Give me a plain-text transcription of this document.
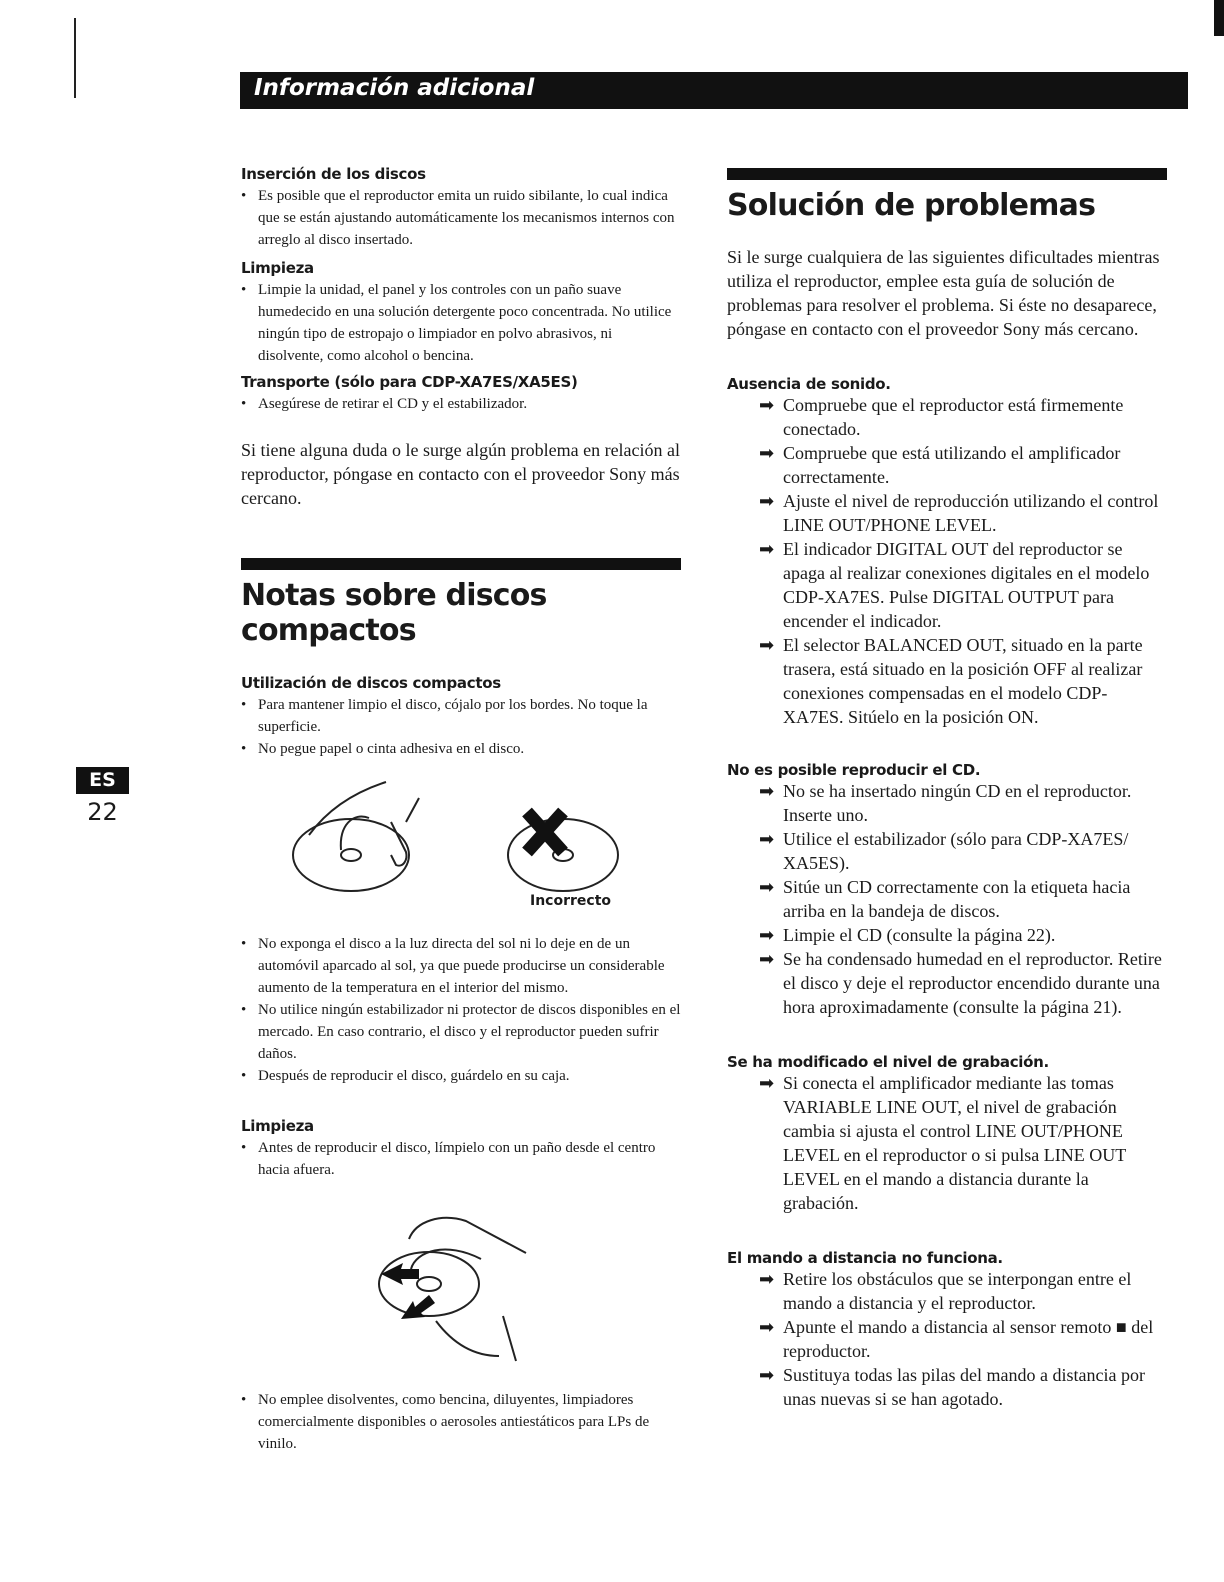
Información adicional
ES
22
Inserción de los discos
• Es posible que el reproductor emita un ruido sibilante, lo cual indica que se están ajustando automáticamente los mecanismos internos con arreglo al disco insertado.
Limpieza
• Limpie la unidad, el panel y los controles con un paño suave humedecido en una solución detergente poco concentrada. No utilice ningún tipo de estropajo o limpiador en polvo abrasivos, ni disolvente, como alcohol o bencina.
Transporte (sólo para CDP-XA7ES/XA5ES)
• Asegúrese de retirar el CD y el estabilizador.
Si tiene alguna duda o le surge algún problema en relación al reproductor, póngase en contacto con el proveedor Sony más cercano.
Notas sobre discos compactos
Utilización de discos compactos
• Para mantener limpio el disco, cójalo por los bordes. No toque la superficie.
• No pegue papel o cinta adhesiva en el disco.
Incorrecto
• No exponga el disco a la luz directa del sol ni lo deje en de un automóvil aparcado al sol, ya que puede producirse un considerable aumento de la temperatura en el interior del mismo.
• No utilice ningún estabilizador ni protector de discos disponibles en el mercado. En caso contrario, el disco y el reproductor pueden sufrir daños.
• Después de reproducir el disco, guárdelo en su caja.
Limpieza
• Antes de reproducir el disco, límpielo con un paño desde el centro hacia afuera.
• No emplee disolventes, como bencina, diluyentes, limpiadores comercialmente disponibles o aerosoles antiestáticos para LPs de vinilo.
Solución de problemas
Si le surge cualquiera de las siguientes dificultades mientras utiliza el reproductor, emplee esta guía de solución de problemas para resolver el problema. Si éste no desaparece, póngase en contacto con el proveedor Sony más cercano.
Ausencia de sonido.
➡ Compruebe que el reproductor está firmemente conectado.
➡ Compruebe que está utilizando el amplificador correctamente.
➡ Ajuste el nivel de reproducción utilizando el control LINE OUT/PHONE LEVEL.
➡ El indicador DIGITAL OUT del reproductor se apaga al realizar conexiones digitales en el modelo CDP-XA7ES. Pulse DIGITAL OUTPUT para encender el indicador.
➡ El selector BALANCED OUT, situado en la parte trasera, está situado en la posición OFF al realizar conexiones compensadas en el modelo CDP-XA7ES. Sitúelo en la posición ON.
No es posible reproducir el CD.
➡ No se ha insertado ningún CD en el reproductor. Inserte uno.
➡ Utilice el estabilizador (sólo para CDP-XA7ES/ XA5ES).
➡ Sitúe un CD correctamente con la etiqueta hacia arriba en la bandeja de discos.
➡ Limpie el CD (consulte la página 22).
➡ Se ha condensado humedad en el reproductor. Retire el disco y deje el reproductor encendido durante una hora aproximadamente (consulte la página 21).
Se ha modificado el nivel de grabación.
➡ Si conecta el amplificador mediante las tomas VARIABLE LINE OUT, el nivel de grabación cambia si ajusta el control LINE OUT/PHONE LEVEL en el reproductor o si pulsa LINE OUT LEVEL en el mando a distancia durante la grabación.
El mando a distancia no funciona.
➡ Retire los obstáculos que se interpongan entre el mando a distancia y el reproductor.
➡ Apunte el mando a distancia al sensor remoto ■ del reproductor.
➡ Sustituya todas las pilas del mando a distancia por unas nuevas si se han agotado.
